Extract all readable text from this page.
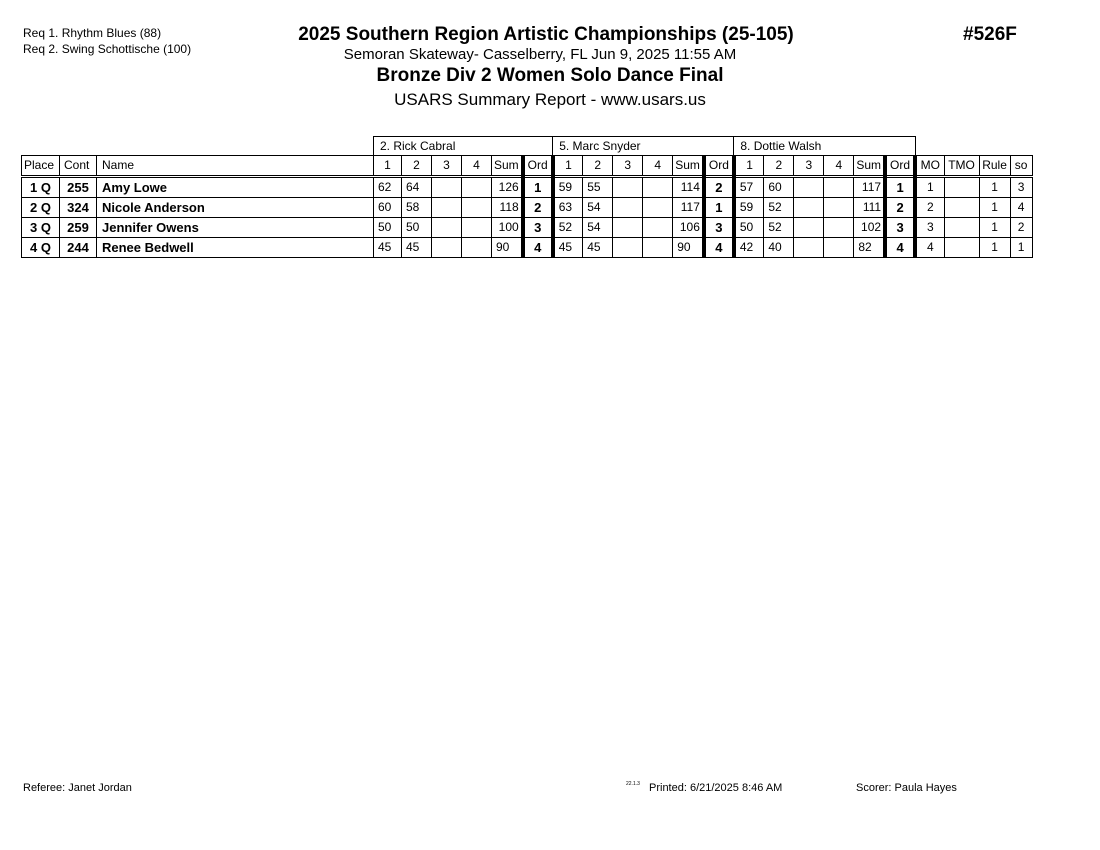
Req 1. Rhythm Blues (88)
Req 2. Swing Schottische (100)
2025 Southern Region Artistic Championships (25-105)
Semoran Skateway- Casselberry, FL Jun 9, 2025 11:55 AM
Bronze Div 2 Women Solo Dance Final
USARS Summary Report - www.usars.us
#526F
			2. Rick Cabral						5. Marc Snyder						8. Dottie Walsh									
Place	Cont	Name	1	2	3	4	Sum	Ord	1	2	3	4	Sum	Ord	1	2	3	4	Sum	Ord	MO	TMO	Rule	so
1 Q	255	Amy Lowe	62	64			126	1	59	55			114	2	57	60			117	1	1		1	3
2 Q	324	Nicole Anderson	60	58			118	2	63	54			117	1	59	52			111	2	2		1	4
3 Q	259	Jennifer Owens	50	50			100	3	52	54			106	3	50	52			102	3	3		1	2
4 Q	244	Renee Bedwell	45	45			90	4	45	45			90	4	42	40			82	4	4		1	1
Referee: Janet Jordan	22.1.3 Printed: 6/21/2025 8:46 AM	Scorer: Paula Hayes
